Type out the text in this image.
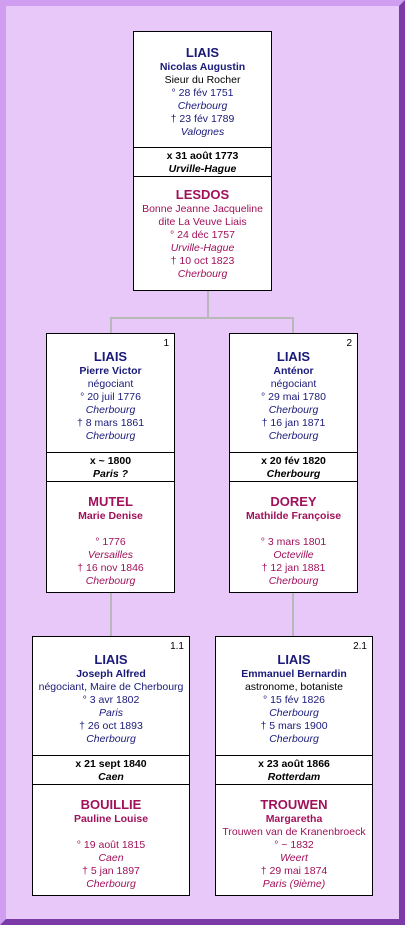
LIAIS
Nicolas Augustin
Sieur du Rocher
° 28 fév 1751
Cherbourg
† 23 fév 1789
Valognes
x 31 août 1773
Urville-Hague
LESDOS
Bonne Jeanne Jacqueline
dite La Veuve Liais
° 24 déc 1757
Urville-Hague
† 10 oct 1823
Cherbourg
1
LIAIS
Pierre Victor
négociant
° 20 juil 1776
Cherbourg
† 8 mars 1861
Cherbourg
x ~ 1800
Paris ?
MUTEL
Marie Denise
° 1776
Versailles
† 16 nov 1846
Cherbourg
2
LIAIS
Anténor
négociant
° 29 mai 1780
Cherbourg
† 16 jan 1871
Cherbourg
x 20 fév 1820
Cherbourg
DOREY
Mathilde Françoise
° 3 mars 1801
Octeville
† 12 jan 1881
Cherbourg
1.1
LIAIS
Joseph Alfred
négociant, Maire de Cherbourg
° 3 avr 1802
Paris
† 26 oct 1893
Cherbourg
x 21 sept 1840
Caen
BOUILLIE
Pauline Louise
° 19 août 1815
Caen
† 5 jan 1897
Cherbourg
2.1
LIAIS
Emmanuel Bernardin
astronome, botaniste
° 15 fév 1826
Cherbourg
† 5 mars 1900
Cherbourg
x 23 août 1866
Rotterdam
TROUWEN
Margaretha
Trouwen van de Kranenbroeck
° ~ 1832
Weert
† 29 mai 1874
Paris (9ième)
